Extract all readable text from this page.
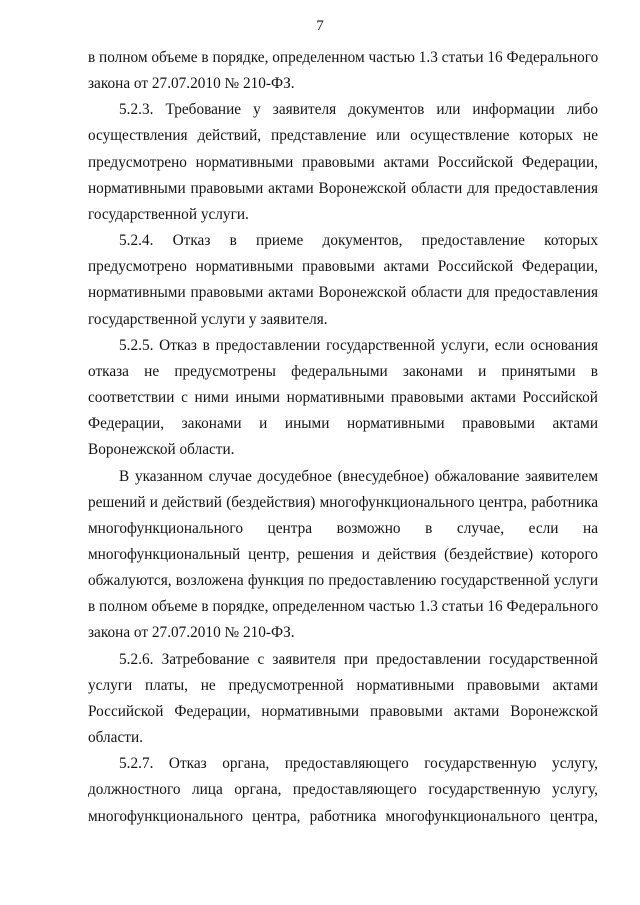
7
в полном объеме в порядке, определенном частью 1.3 статьи 16 Федерального
закона от 27.07.2010 № 210-ФЗ.
5.2.3. Требование у заявителя документов или информации либо
осуществления действий, представление или осуществление которых не
предусмотрено нормативными правовыми актами Российской Федерации,
нормативными правовыми актами Воронежской области для предоставления
государственной услуги.
5.2.4. Отказ в приеме документов, предоставление которых
предусмотрено нормативными правовыми актами Российской Федерации,
нормативными правовыми актами Воронежской области для предоставления
государственной услуги у заявителя.
5.2.5. Отказ в предоставлении государственной услуги, если основания
отказа не предусмотрены федеральными законами и принятыми в
соответствии с ними иными нормативными правовыми актами Российской
Федерации, законами и иными нормативными правовыми актами
Воронежской области.
В указанном случае досудебное (внесудебное) обжалование заявителем
решений и действий (бездействия) многофункционального центра, работника
многофункционального центра возможно в случае, если на
многофункциональный центр, решения и действия (бездействие) которого
обжалуются, возложена функция по предоставлению государственной услуги
в полном объеме в порядке, определенном частью 1.3 статьи 16 Федерального
закона от 27.07.2010 № 210-ФЗ.
5.2.6. Затребование с заявителя при предоставлении государственной
услуги платы, не предусмотренной нормативными правовыми актами
Российской Федерации, нормативными правовыми актами Воронежской
области.
5.2.7. Отказ органа, предоставляющего государственную услугу,
должностного лица органа, предоставляющего государственную услугу,
многофункционального центра, работника многофункционального центра,
